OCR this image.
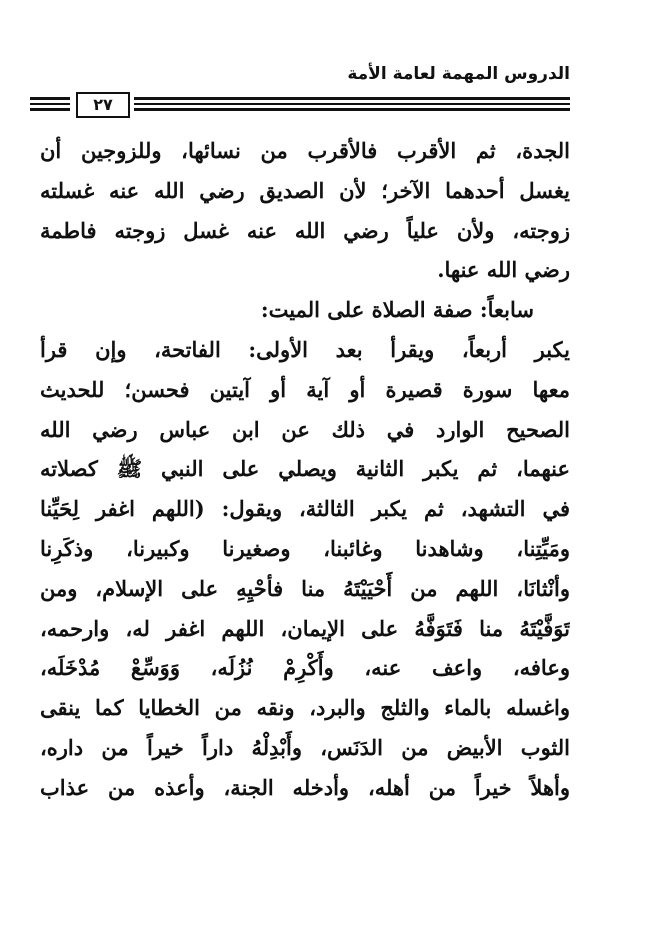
الدروس المهمة لعامة الأمة
٢٧
الجدة، ثم الأقرب فالأقرب من نسائها، وللزوجين أن
يغسل أحدهما الآخر؛ لأن الصديق رضي الله عنه غسلته
زوجته، ولأن علياً رضي الله عنه غسل زوجته فاطمة
رضي الله عنها.
سابعاً: صفة الصلاة على الميت:
يكبر أربعاً، ويقرأ بعد الأولى: الفاتحة، وإن قرأ
معها سورة قصيرة أو آية أو آيتين فحسن؛ للحديث
الصحيح الوارد في ذلك عن ابن عباس رضي الله
عنهما، ثم يكبر الثانية ويصلي على النبي ﷺ كصلاته
في التشهد، ثم يكبر الثالثة، ويقول: (اللهم اغفر لِحَيِّنا
ومَيِّتِنا، وشاهدنا وغائبنا، وصغيرنا وكبيرنا، وذكَرِنا
وأنْثانَا، اللهم من أَحْيَيْتَهُ منا فأحْيِهِ على الإسلام، ومن
تَوَفَّيْتَهُ منا فَتَوَفَّهُ على الإيمان، اللهم اغفر له، وارحمه،
وعافه، واعف عنه، وأَكْرِمْ نُزُلَه، وَوَسِّعْ مُدْخَلَه،
واغسله بالماء والثلج والبرد، ونقه من الخطايا كما ينقى
الثوب الأبيض من الدَنَس، وأَبْدِلْهُ داراً خيراً من داره،
وأهلاً خيراً من أهله، وأدخله الجنة، وأعذه من عذاب
